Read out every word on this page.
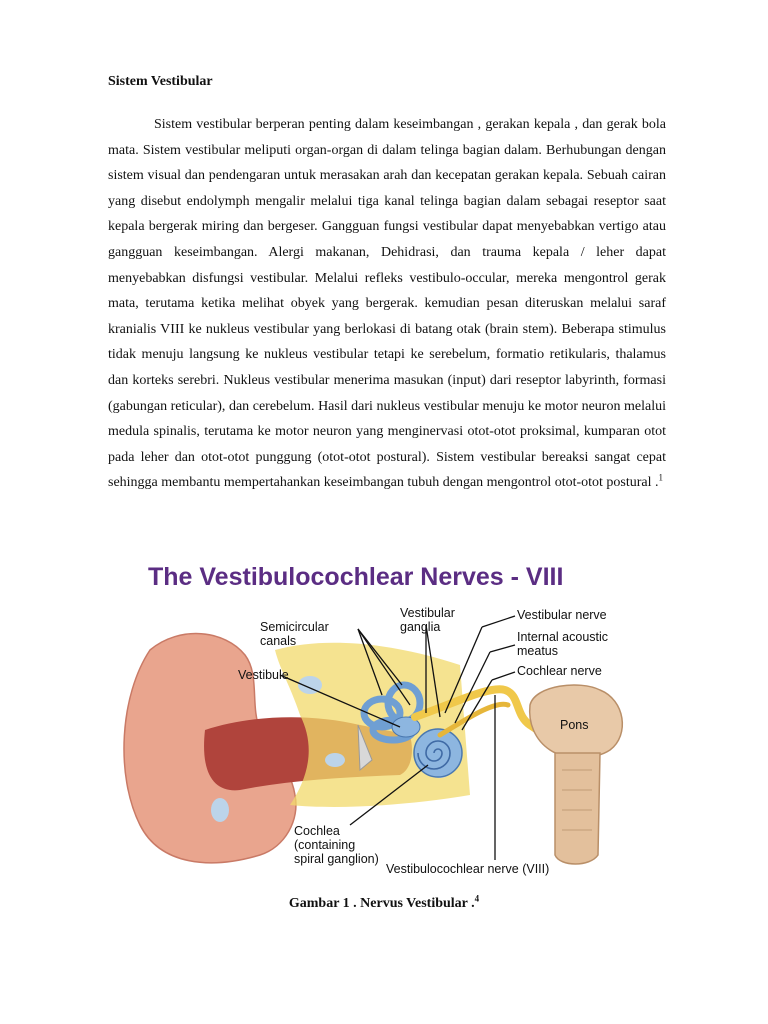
Sistem Vestibular
Sistem vestibular berperan penting dalam keseimbangan , gerakan kepala , dan gerak bola mata. Sistem vestibular meliputi organ-organ di dalam telinga bagian dalam. Berhubungan dengan sistem visual dan pendengaran untuk merasakan arah dan kecepatan gerakan kepala. Sebuah cairan yang disebut endolymph mengalir melalui tiga kanal telinga bagian dalam sebagai reseptor saat kepala bergerak miring dan bergeser. Gangguan fungsi vestibular dapat menyebabkan vertigo atau gangguan keseimbangan. Alergi makanan, Dehidrasi, dan trauma kepala / leher dapat menyebabkan disfungsi vestibular. Melalui refleks vestibulo-occular, mereka mengontrol gerak mata, terutama ketika melihat obyek yang bergerak. kemudian pesan diteruskan melalui saraf kranialis VIII ke nukleus vestibular yang berlokasi di batang otak (brain stem). Beberapa stimulus tidak menuju langsung ke nukleus vestibular tetapi ke serebelum, formatio retikularis, thalamus dan korteks serebri. Nukleus vestibular menerima masukan (input) dari reseptor labyrinth, formasi (gabungan reticular), dan cerebelum. Hasil dari nukleus vestibular menuju ke motor neuron melalui medula spinalis, terutama ke motor neuron yang menginervasi otot-otot proksimal, kumparan otot pada leher dan otot-otot punggung (otot-otot postural). Sistem vestibular bereaksi sangat cepat sehingga membantu mempertahankan keseimbangan tubuh dengan mengontrol otot-otot postural .$^1$
The Vestibulocochlear Nerves - VIII
Semicircular
canals
Vestibular
ganglia
Vestibular nerve
Internal acoustic
meatus
Cochlear nerve
Vestibule
Pons
Cochlea
(containing
spiral ganglion)
Vestibulocochlear nerve (VIII)
Gambar 1 . Nervus Vestibular .$^4$
